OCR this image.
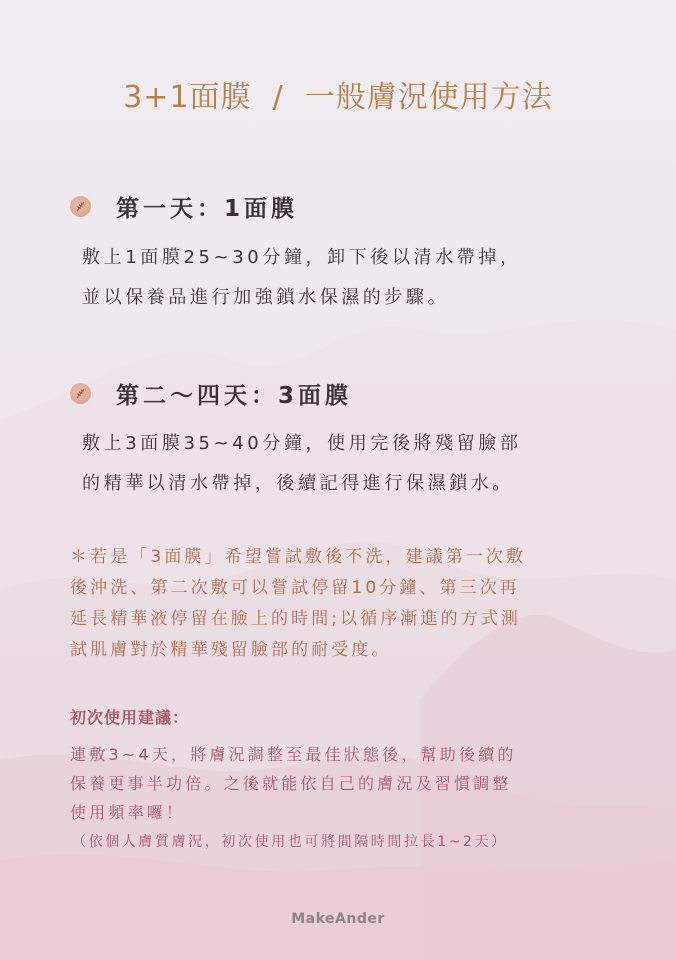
3+1面膜  /  一般膚況使用方法
第一天：1面膜
敷上1面膜25~30分鐘，卸下後以清水帶掉，
並以保養品進行加強鎖水保濕的步驟。
第二～四天：3面膜
敷上3面膜35~40分鐘，使用完後將殘留臉部
的精華以清水帶掉，後續記得進行保濕鎖水。
＊若是「3面膜」希望嘗試敷後不洗，建議第一次敷
後沖洗、第二次敷可以嘗試停留10分鐘、第三次再
延長精華液停留在臉上的時間;以循序漸進的方式測
試肌膚對於精華殘留臉部的耐受度。
初次使用建議：
連敷3~4天，將膚況調整至最佳狀態後，幫助後續的
保養更事半功倍。之後就能依自己的膚況及習慣調整
使用頻率囉！
（依個人膚質膚況，初次使用也可將間隔時間拉長1~2天）
MakeAnder
